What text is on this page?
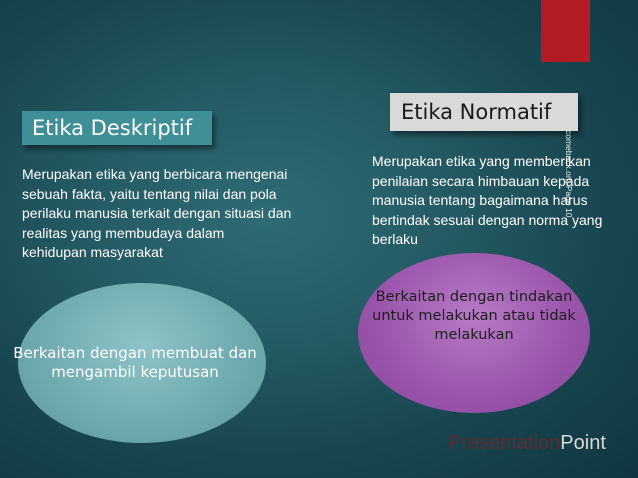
Etika Deskriptif
Merupakan etika yang berbicara mengenai sebuah fakta, yaitu tentang nilai dan pola perilaku manusia terkait dengan situasi dan realitas yang membudaya dalam kehidupan masyarakat
Etika Normatif
Merupakan etika yang memberikan penilaian secara himbauan kepada manusia tentang bagaimana harus bertindak sesuai dengan norma yang berlaku
comeback.org Page 10
Berkaitan dengan membuat dan mengambil keputusan
Berkaitan dengan tindakan untuk melakukan atau tidak melakukan
PresentationPoint
